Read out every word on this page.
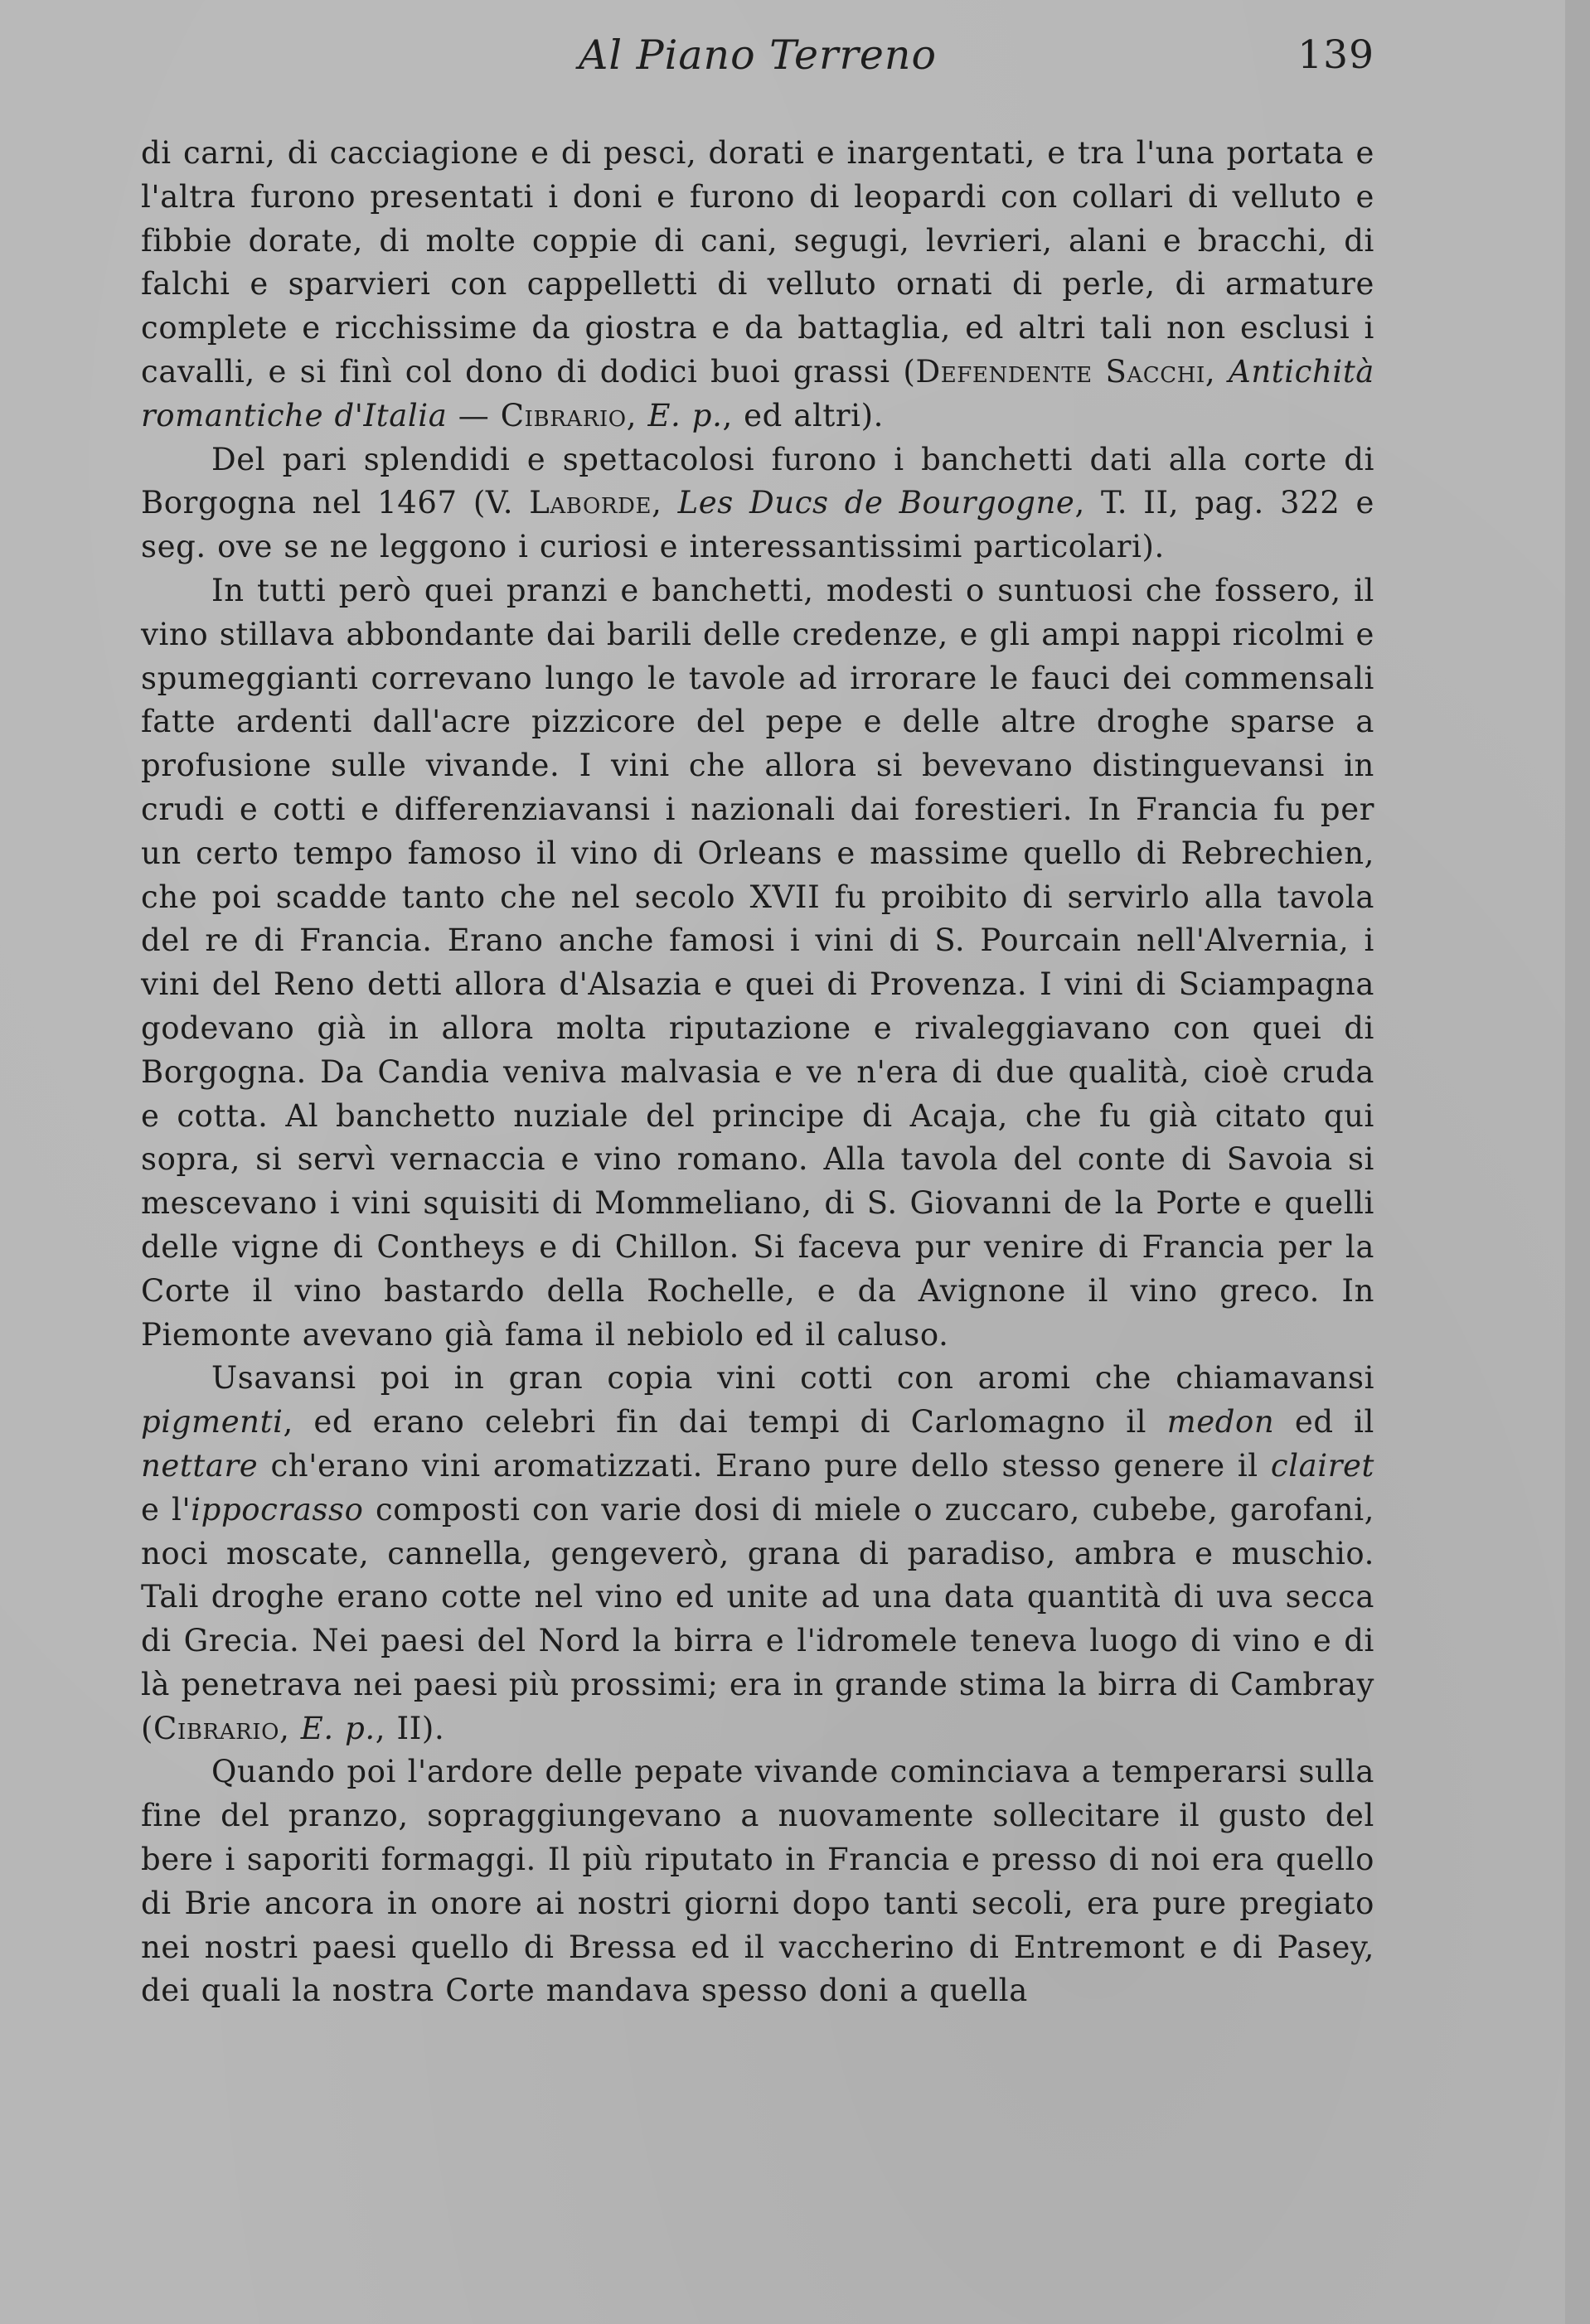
Al Piano Terreno	139

di carni, di cacciagione e di pesci, dorati e inargentati, e tra l'una portata e l'altra furono presentati i doni e furono di leopardi con collari di velluto e fibbie dorate, di molte coppie di cani, segugi, levrieri, alani e bracchi, di falchi e sparvieri con cappelletti di velluto ornati di perle, di armature complete e ricchissime da giostra e da battaglia, ed altri tali non esclusi i cavalli, e si finì col dono di dodici buoi grassi (Defendente Sacchi, Antichità romantiche d'Italia — Cibrario, E. p., ed altri).

Del pari splendidi e spettacolosi furono i banchetti dati alla corte di Borgogna nel 1467 (V. Laborde, Les Ducs de Bourgogne, T. II, pag. 322 e seg. ove se ne leggono i curiosi e interessantissimi particolari).

In tutti però quei pranzi e banchetti, modesti o suntuosi che fossero, il vino stillava abbondante dai barili delle credenze, e gli ampi nappi ricolmi e spumeggianti correvano lungo le tavole ad irrorare le fauci dei commensali fatte ardenti dall'acre pizzicore del pepe e delle altre droghe sparse a profusione sulle vivande. I vini che allora si bevevano distinguevansi in crudi e cotti e differenziavansi i nazionali dai forestieri. In Francia fu per un certo tempo famoso il vino di Orleans e massime quello di Rebrechien, che poi scadde tanto che nel secolo XVII fu proibito di servirlo alla tavola del re di Francia. Erano anche famosi i vini di S. Pourcain nell'Alvernia, i vini del Reno detti allora d'Alsazia e quei di Provenza. I vini di Sciampagna godevano già in allora molta riputazione e rivaleggiavano con quei di Borgogna. Da Candia veniva malvasia e ve n'era di due qualità, cioè cruda e cotta. Al banchetto nuziale del principe di Acaja, che fu già citato qui sopra, si servì vernaccia e vino romano. Alla tavola del conte di Savoia si mescevano i vini squisiti di Mommeliano, di S. Giovanni de la Porte e quelli delle vigne di Contheys e di Chillon. Si faceva pur venire di Francia per la Corte il vino bastardo della Rochelle, e da Avignone il vino greco. In Piemonte avevano già fama il nebiolo ed il caluso.

Usavansi poi in gran copia vini cotti con aromi che chiamavansi pigmenti, ed erano celebri fin dai tempi di Carlomagno il medon ed il nettare ch'erano vini aromatizzati. Erano pure dello stesso genere il clairet e l'ippocrasso composti con varie dosi di miele o zuccaro, cubebe, garofani, noci moscate, cannella, gengeverò, grana di paradiso, ambra e muschio. Tali droghe erano cotte nel vino ed unite ad una data quantità di uva secca di Grecia. Nei paesi del Nord la birra e l'idromele teneva luogo di vino e di là penetrava nei paesi più prossimi; era in grande stima la birra di Cambray (Cibrario, E. p., II).

Quando poi l'ardore delle pepate vivande cominciava a temperarsi sulla fine del pranzo, sopraggiungevano a nuovamente sollecitare il gusto del bere i saporiti formaggi. Il più riputato in Francia e presso di noi era quello di Brie ancora in onore ai nostri giorni dopo tanti secoli, era pure pregiato nei nostri paesi quello di Bressa ed il vaccherino di Entremont e di Pasey, dei quali la nostra Corte mandava spesso doni a quella
